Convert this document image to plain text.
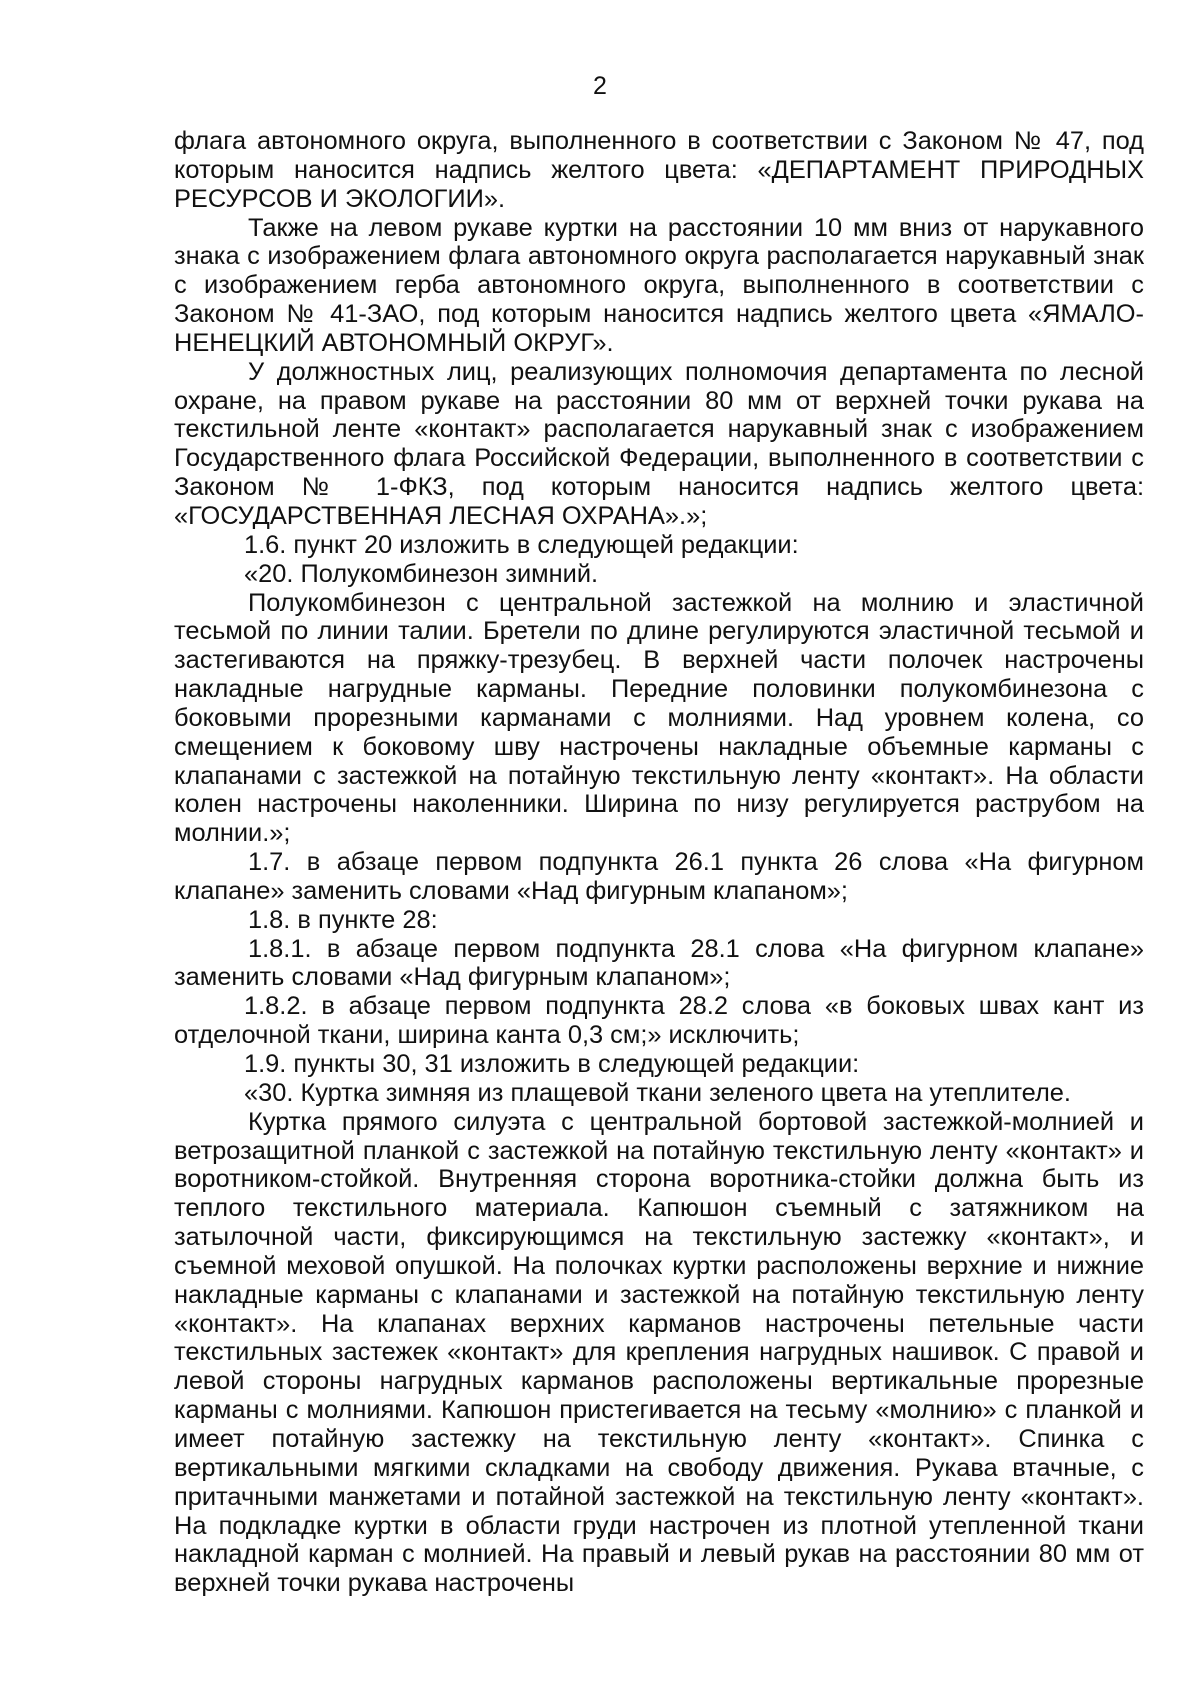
2

флага автономного округа, выполненного в соответствии с Законом № 47, под которым наносится надпись желтого цвета: «ДЕПАРТАМЕНТ ПРИРОДНЫХ РЕСУРСОВ И ЭКОЛОГИИ».

Также на левом рукаве куртки на расстоянии 10 мм вниз от нарукавного знака с изображением флага автономного округа располагается нарукавный знак с изображением герба автономного округа, выполненного в соответствии с Законом № 41-ЗАО, под которым наносится надпись желтого цвета «ЯМАЛО-НЕНЕЦКИЙ АВТОНОМНЫЙ ОКРУГ».

У должностных лиц, реализующих полномочия департамента по лесной охране, на правом рукаве на расстоянии 80 мм от верхней точки рукава на текстильной ленте «контакт» располагается нарукавный знак с изображением Государственного флага Российской Федерации, выполненного в соответствии с Законом № 1-ФКЗ, под которым наносится надпись желтого цвета: «ГОСУДАРСТВЕННАЯ ЛЕСНАЯ ОХРАНА».»;

1.6. пункт 20 изложить в следующей редакции:

«20. Полукомбинезон зимний.

Полукомбинезон с центральной застежкой на молнию и эластичной тесьмой по линии талии. Бретели по длине регулируются эластичной тесьмой и застегиваются на пряжку-трезубец. В верхней части полочек настрочены накладные нагрудные карманы. Передние половинки полукомбинезона с боковыми прорезными карманами с молниями. Над уровнем колена, со смещением к боковому шву настрочены накладные объемные карманы с клапанами с застежкой на потайную текстильную ленту «контакт». На области колен настрочены наколенники. Ширина по низу регулируется раструбом на молнии.»;

1.7. в абзаце первом подпункта 26.1 пункта 26 слова «На фигурном клапане» заменить словами «Над фигурным клапаном»;

1.8. в пункте 28:

1.8.1. в абзаце первом подпункта 28.1 слова «На фигурном клапане» заменить словами «Над фигурным клапаном»;

1.8.2. в абзаце первом подпункта 28.2 слова «в боковых швах кант из отделочной ткани, ширина канта 0,3 см;» исключить;

1.9. пункты 30, 31 изложить в следующей редакции:

«30. Куртка зимняя из плащевой ткани зеленого цвета на утеплителе.

Куртка прямого силуэта с центральной бортовой застежкой-молнией и ветрозащитной планкой с застежкой на потайную текстильную ленту «контакт» и воротником-стойкой. Внутренняя сторона воротника-стойки должна быть из теплого текстильного материала. Капюшон съемный с затяжником на затылочной части, фиксирующимся на текстильную застежку «контакт», и съемной меховой опушкой. На полочках куртки расположены верхние и нижние накладные карманы с клапанами и застежкой на потайную текстильную ленту «контакт». На клапанах верхних карманов настрочены петельные части текстильных застежек «контакт» для крепления нагрудных нашивок. С правой и левой стороны нагрудных карманов расположены вертикальные прорезные карманы с молниями. Капюшон пристегивается на тесьму «молнию» с планкой и имеет потайную застежку на текстильную ленту «контакт». Спинка с вертикальными мягкими складками на свободу движения. Рукава втачные, с притачными манжетами и потайной застежкой на текстильную ленту «контакт». На подкладке куртки в области груди настрочен из плотной утепленной ткани накладной карман с молнией. На правый и левый рукав на расстоянии 80 мм от верхней точки рукава настрочены
